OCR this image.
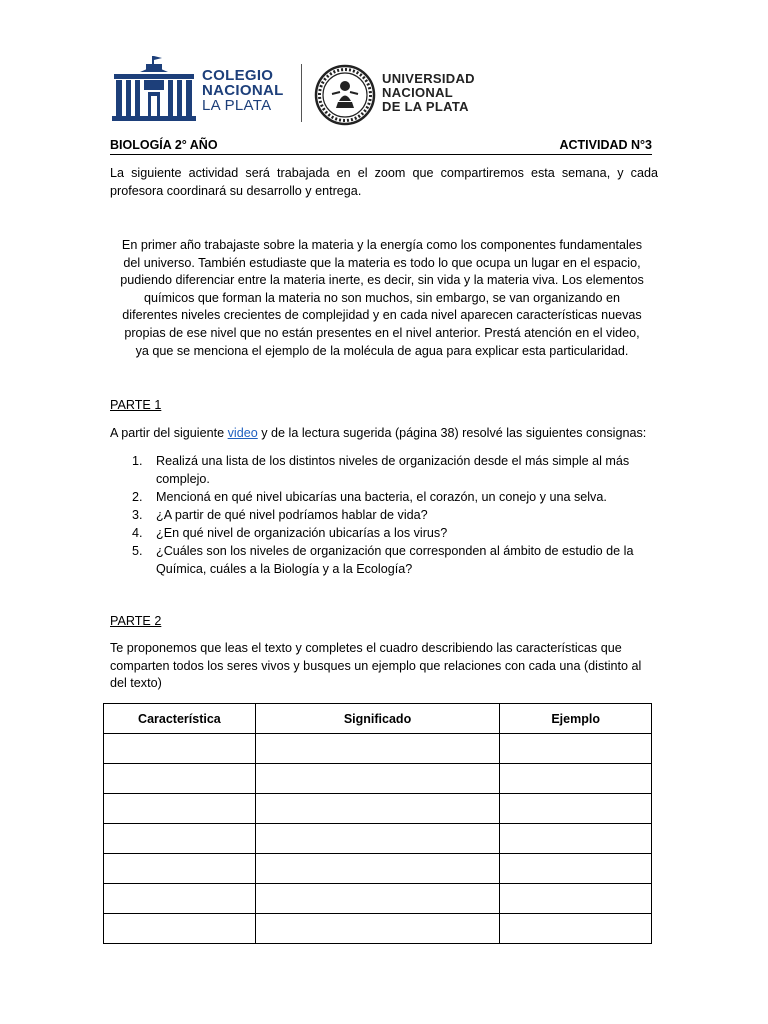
COLEGIO
NACIONAL
LA PLATA
UNIVERSIDAD
NACIONAL
DE LA PLATA
BIOLOGÍA 2° AÑO	ACTIVIDAD N°3
La siguiente actividad será trabajada en el zoom que compartiremos esta semana, y cada profesora coordinará su desarrollo y entrega.
En primer año trabajaste sobre la materia y la energía como los componentes fundamentales
del universo. También estudiaste que la materia es todo lo que ocupa un lugar en el espacio,
pudiendo diferenciar entre la materia inerte, es decir, sin vida y la materia viva. Los elementos
químicos que forman la materia no son muchos, sin embargo, se van organizando en
diferentes niveles crecientes de complejidad y en cada nivel aparecen características nuevas
propias de ese nivel que no están presentes en el nivel anterior. Prestá atención en el video,
ya que se menciona el ejemplo de la molécula de agua para explicar esta particularidad.
PARTE 1
A partir del siguiente video y de la lectura sugerida (página 38) resolvé las siguientes consignas:
1. Realizá una lista de los distintos niveles de organización desde el más simple al más
complejo.
2. Mencioná en qué nivel ubicarías una bacteria, el corazón, un conejo y una selva.
3. ¿A partir de qué nivel podríamos hablar de vida?
4. ¿En qué nivel de organización ubicarías a los virus?
5. ¿Cuáles son los niveles de organización que corresponden al ámbito de estudio de la
Química, cuáles a la Biología y a la Ecología?
PARTE 2
Te proponemos que leas el texto y completes el cuadro describiendo las características que
comparten todos los seres vivos y busques un ejemplo que relaciones con cada una (distinto al
del texto)
Característica	Significado	Ejemplo
